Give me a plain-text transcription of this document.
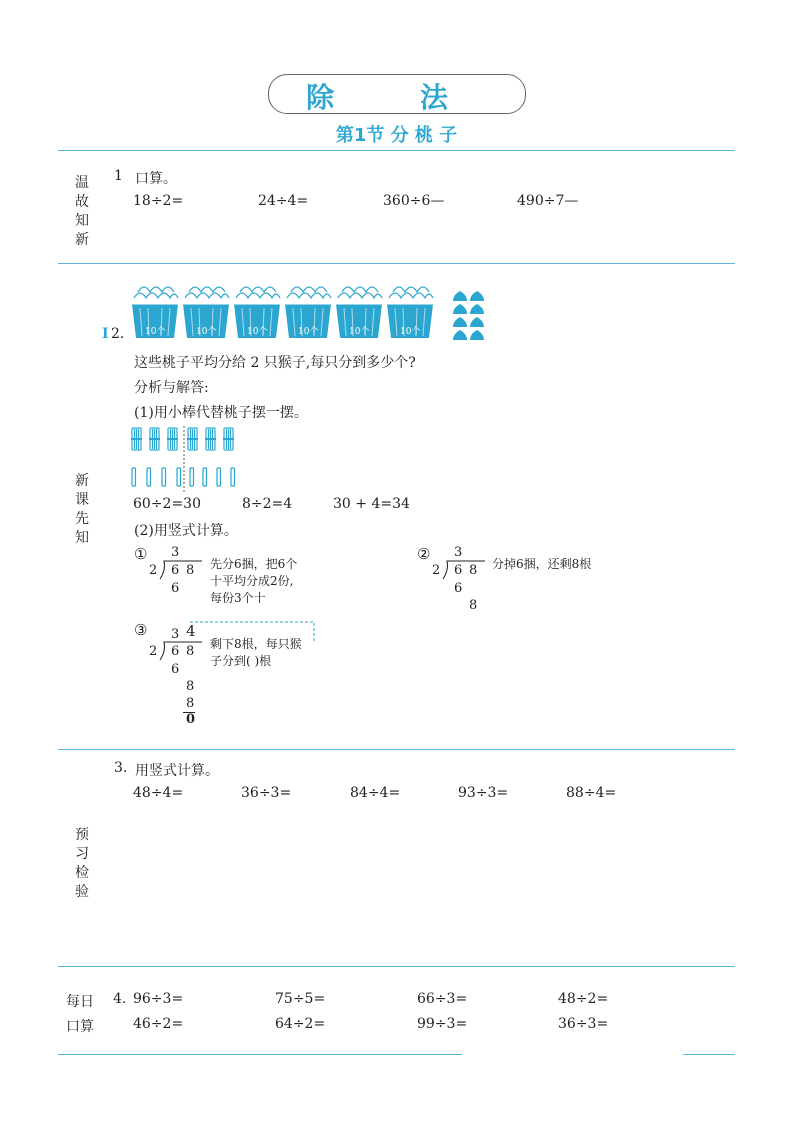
除 法
第1节 分 桃 子
温故知新
1 口算。
18÷2=	24÷4=	360÷6—	490÷7—
新课先知
I 2. 10个	10个	10个	10个	10个	10个
这些桃子平均分给 2 只猴子,每只分到多少个?
分析与解答:
(1)用小棒代替桃子摆一摆。
60÷2=30	8÷2=4	30 + 4=34
(2)用竖式计算。
① 3
2 6 8
6
先分6捆，把6个
十平均分成2份,
每份3个十
② 3
2 6 8
6
8
分掉6捆，还剩8根
③ 3 4
2 6 8
6
8
8
0
剩下8根，每只猴
子分到( )根
预习检验
3. 用竖式计算。
48÷4=	36÷3=	84÷4=	93÷3=	88÷4=
每日
口算
4. 96÷3=	75÷5=	66÷3=	48÷2=
46÷2=	64÷2=	99÷3=	36÷3=
